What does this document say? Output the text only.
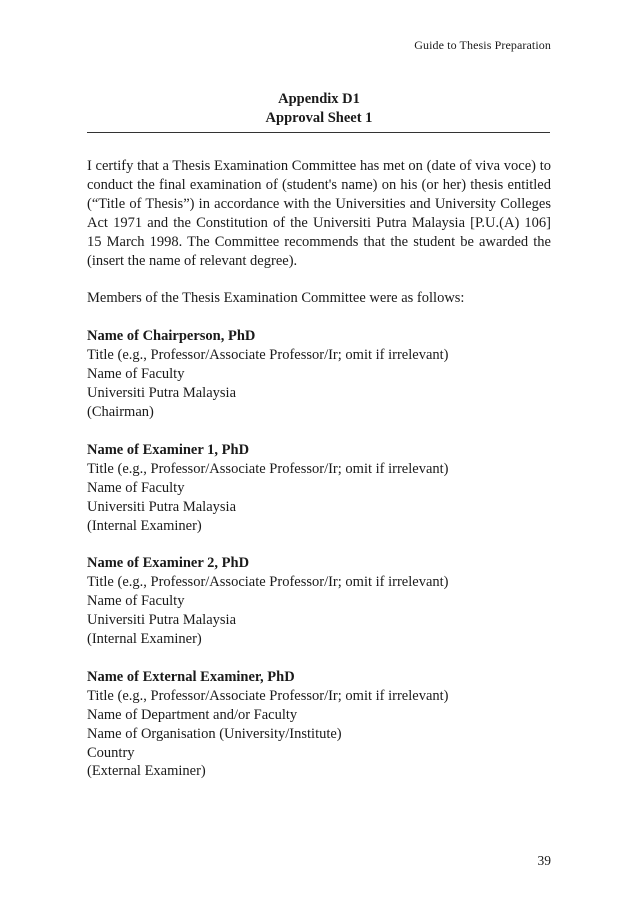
Guide to Thesis Preparation
Appendix D1
Approval Sheet 1

I certify that a Thesis Examination Committee has met on (date of viva voce) to conduct the final examination of (student's name) on his (or her) thesis entitled (“Title of Thesis”) in accordance with the Universities and University Colleges Act 1971 and the Constitution of the Universiti Putra Malaysia [P.U.(A) 106] 15 March 1998. The Committee recommends that the student be awarded the (insert the name of relevant degree).

Members of the Thesis Examination Committee were as follows:

Name of Chairperson, PhD
Title (e.g., Professor/Associate Professor/Ir; omit if irrelevant)
Name of Faculty
Universiti Putra Malaysia
(Chairman)
Name of Examiner 1, PhD
Title (e.g., Professor/Associate Professor/Ir; omit if irrelevant)
Name of Faculty
Universiti Putra Malaysia
(Internal Examiner)
Name of Examiner 2, PhD
Title (e.g., Professor/Associate Professor/Ir; omit if irrelevant)
Name of Faculty
Universiti Putra Malaysia
(Internal Examiner)
Name of External Examiner, PhD
Title (e.g., Professor/Associate Professor/Ir; omit if irrelevant)
Name of Department and/or Faculty
Name of Organisation (University/Institute)
Country
(External Examiner)
39
